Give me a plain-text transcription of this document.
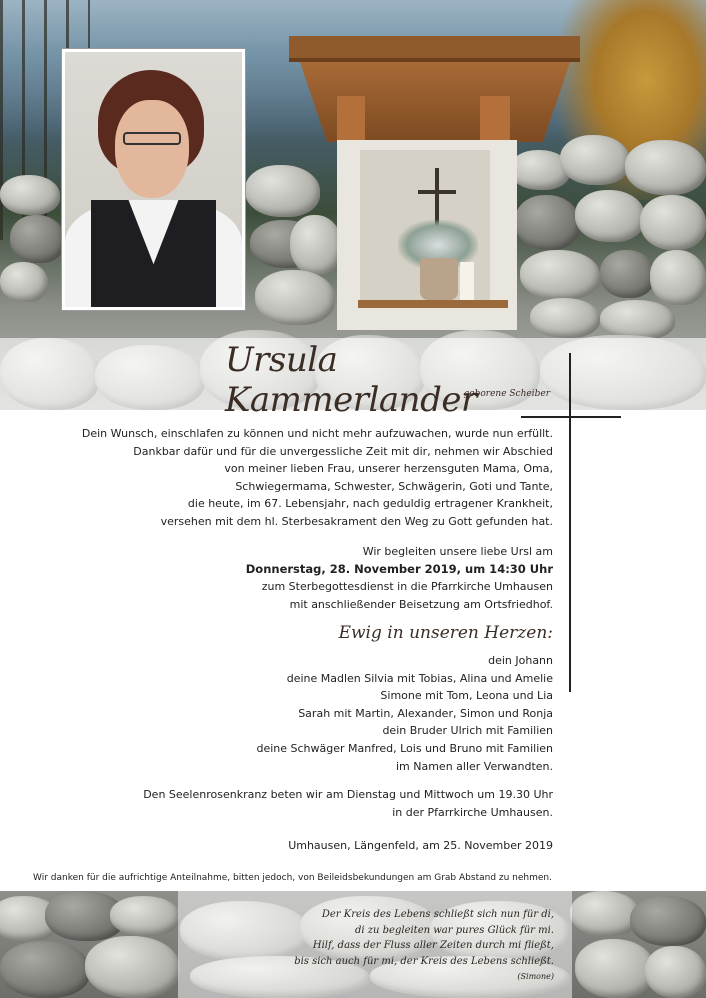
Ursula Kammerlander
geborene Scheiber
Dein Wunsch, einschlafen zu können und nicht mehr aufzuwachen, wurde nun erfüllt.
Dankbar dafür und für die unvergessliche Zeit mit dir, nehmen wir Abschied
von meiner lieben Frau, unserer herzensguten Mama, Oma,
Schwiegermama, Schwester, Schwägerin, Goti und Tante,
die heute, im 67. Lebensjahr, nach geduldig ertragener Krankheit,
versehen mit dem hl. Sterbesakrament den Weg zu Gott gefunden hat.
Wir begleiten unsere liebe Ursl am
Donnerstag, 28. November 2019, um 14:30 Uhr
zum Sterbegottesdienst in die Pfarrkirche Umhausen
mit anschließender Beisetzung am Ortsfriedhof.
Ewig in unseren Herzen:
dein Johann
deine Madlen Silvia mit Tobias, Alina und Amelie
Simone mit Tom, Leona und Lia
Sarah mit Martin, Alexander, Simon und Ronja
dein Bruder Ulrich mit Familien
deine Schwäger Manfred, Lois und Bruno mit Familien
im Namen aller Verwandten.
Den Seelenrosenkranz beten wir am Dienstag und Mittwoch um 19.30 Uhr
in der Pfarrkirche Umhausen.
Umhausen, Längenfeld, am 25. November 2019
Wir danken für die aufrichtige Anteilnahme, bitten jedoch, von Beileidsbekundungen am Grab Abstand zu nehmen.
Der Kreis des Lebens schließt sich nun für di,
di zu begleiten war pures Glück für mi.
Hilf, dass der Fluss aller Zeiten durch mi fließt,
bis sich auch für mi, der Kreis des Lebens schließt.
(Simone)
